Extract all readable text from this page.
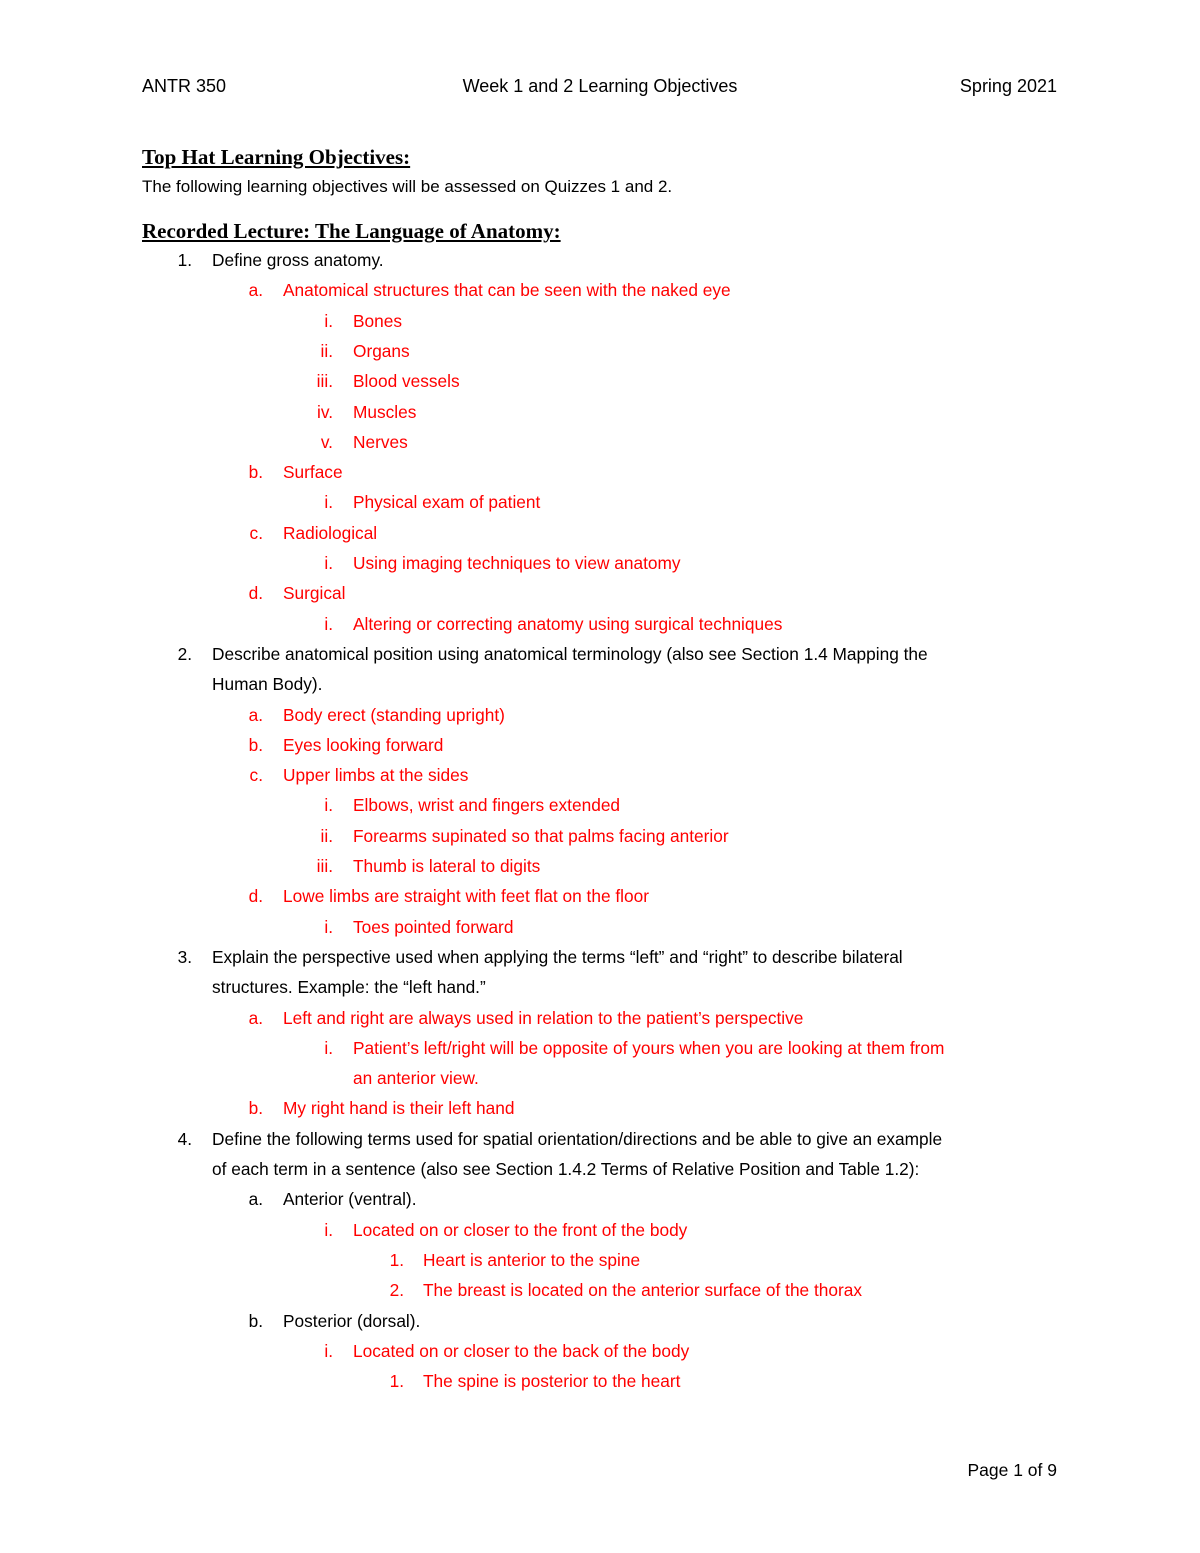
ANTR 350	Week 1 and 2 Learning Objectives	Spring 2021
Top Hat Learning Objectives:
The following learning objectives will be assessed on Quizzes 1 and 2.
Recorded Lecture: The Language of Anatomy:
1. Define gross anatomy.
a. Anatomical structures that can be seen with the naked eye
i. Bones
ii. Organs
iii. Blood vessels
iv. Muscles
v. Nerves
b. Surface
i. Physical exam of patient
c. Radiological
i. Using imaging techniques to view anatomy
d. Surgical
i. Altering or correcting anatomy using surgical techniques
2. Describe anatomical position using anatomical terminology (also see Section 1.4 Mapping the
Human Body).
a. Body erect (standing upright)
b. Eyes looking forward
c. Upper limbs at the sides
i. Elbows, wrist and fingers extended
ii. Forearms supinated so that palms facing anterior
iii. Thumb is lateral to digits
d. Lowe limbs are straight with feet flat on the floor
i. Toes pointed forward
3. Explain the perspective used when applying the terms “left” and “right” to describe bilateral
structures. Example: the “left hand.”
a. Left and right are always used in relation to the patient’s perspective
i. Patient’s left/right will be opposite of yours when you are looking at them from
an anterior view.
b. My right hand is their left hand
4. Define the following terms used for spatial orientation/directions and be able to give an example
of each term in a sentence (also see Section 1.4.2 Terms of Relative Position and Table 1.2):
a. Anterior (ventral).
i. Located on or closer to the front of the body
1. Heart is anterior to the spine
2. The breast is located on the anterior surface of the thorax
b. Posterior (dorsal).
i. Located on or closer to the back of the body
1. The spine is posterior to the heart
Page 1 of 9
